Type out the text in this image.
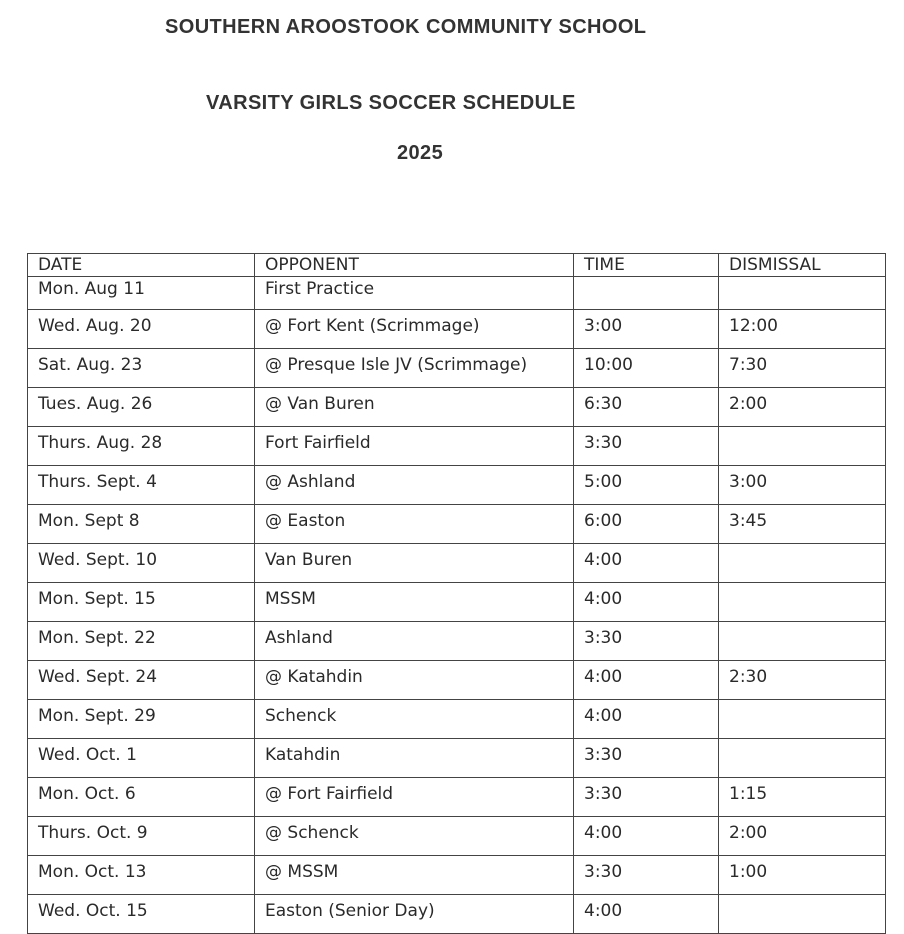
SOUTHERN AROOSTOOK COMMUNITY SCHOOL
VARSITY GIRLS SOCCER SCHEDULE
2025
DATE	OPPONENT	TIME	DISMISSAL
Mon. Aug 11	First Practice		
Wed. Aug. 20	@ Fort Kent (Scrimmage)	3:00	12:00
Sat. Aug. 23	@ Presque Isle JV (Scrimmage)	10:00	7:30
Tues. Aug. 26	@ Van Buren	6:30	2:00
Thurs. Aug. 28	Fort Fairfield	3:30	
Thurs. Sept. 4	@ Ashland	5:00	3:00
Mon. Sept 8	@ Easton	6:00	3:45
Wed. Sept. 10	Van Buren	4:00	
Mon. Sept. 15	MSSM	4:00	
Mon. Sept. 22	Ashland	3:30	
Wed. Sept. 24	@ Katahdin	4:00	2:30
Mon. Sept. 29	Schenck	4:00	
Wed. Oct. 1	Katahdin	3:30	
Mon. Oct. 6	@ Fort Fairfield	3:30	1:15
Thurs. Oct. 9	@ Schenck	4:00	2:00
Mon. Oct. 13	@ MSSM	3:30	1:00
Wed. Oct. 15	Easton (Senior Day)	4:00	
